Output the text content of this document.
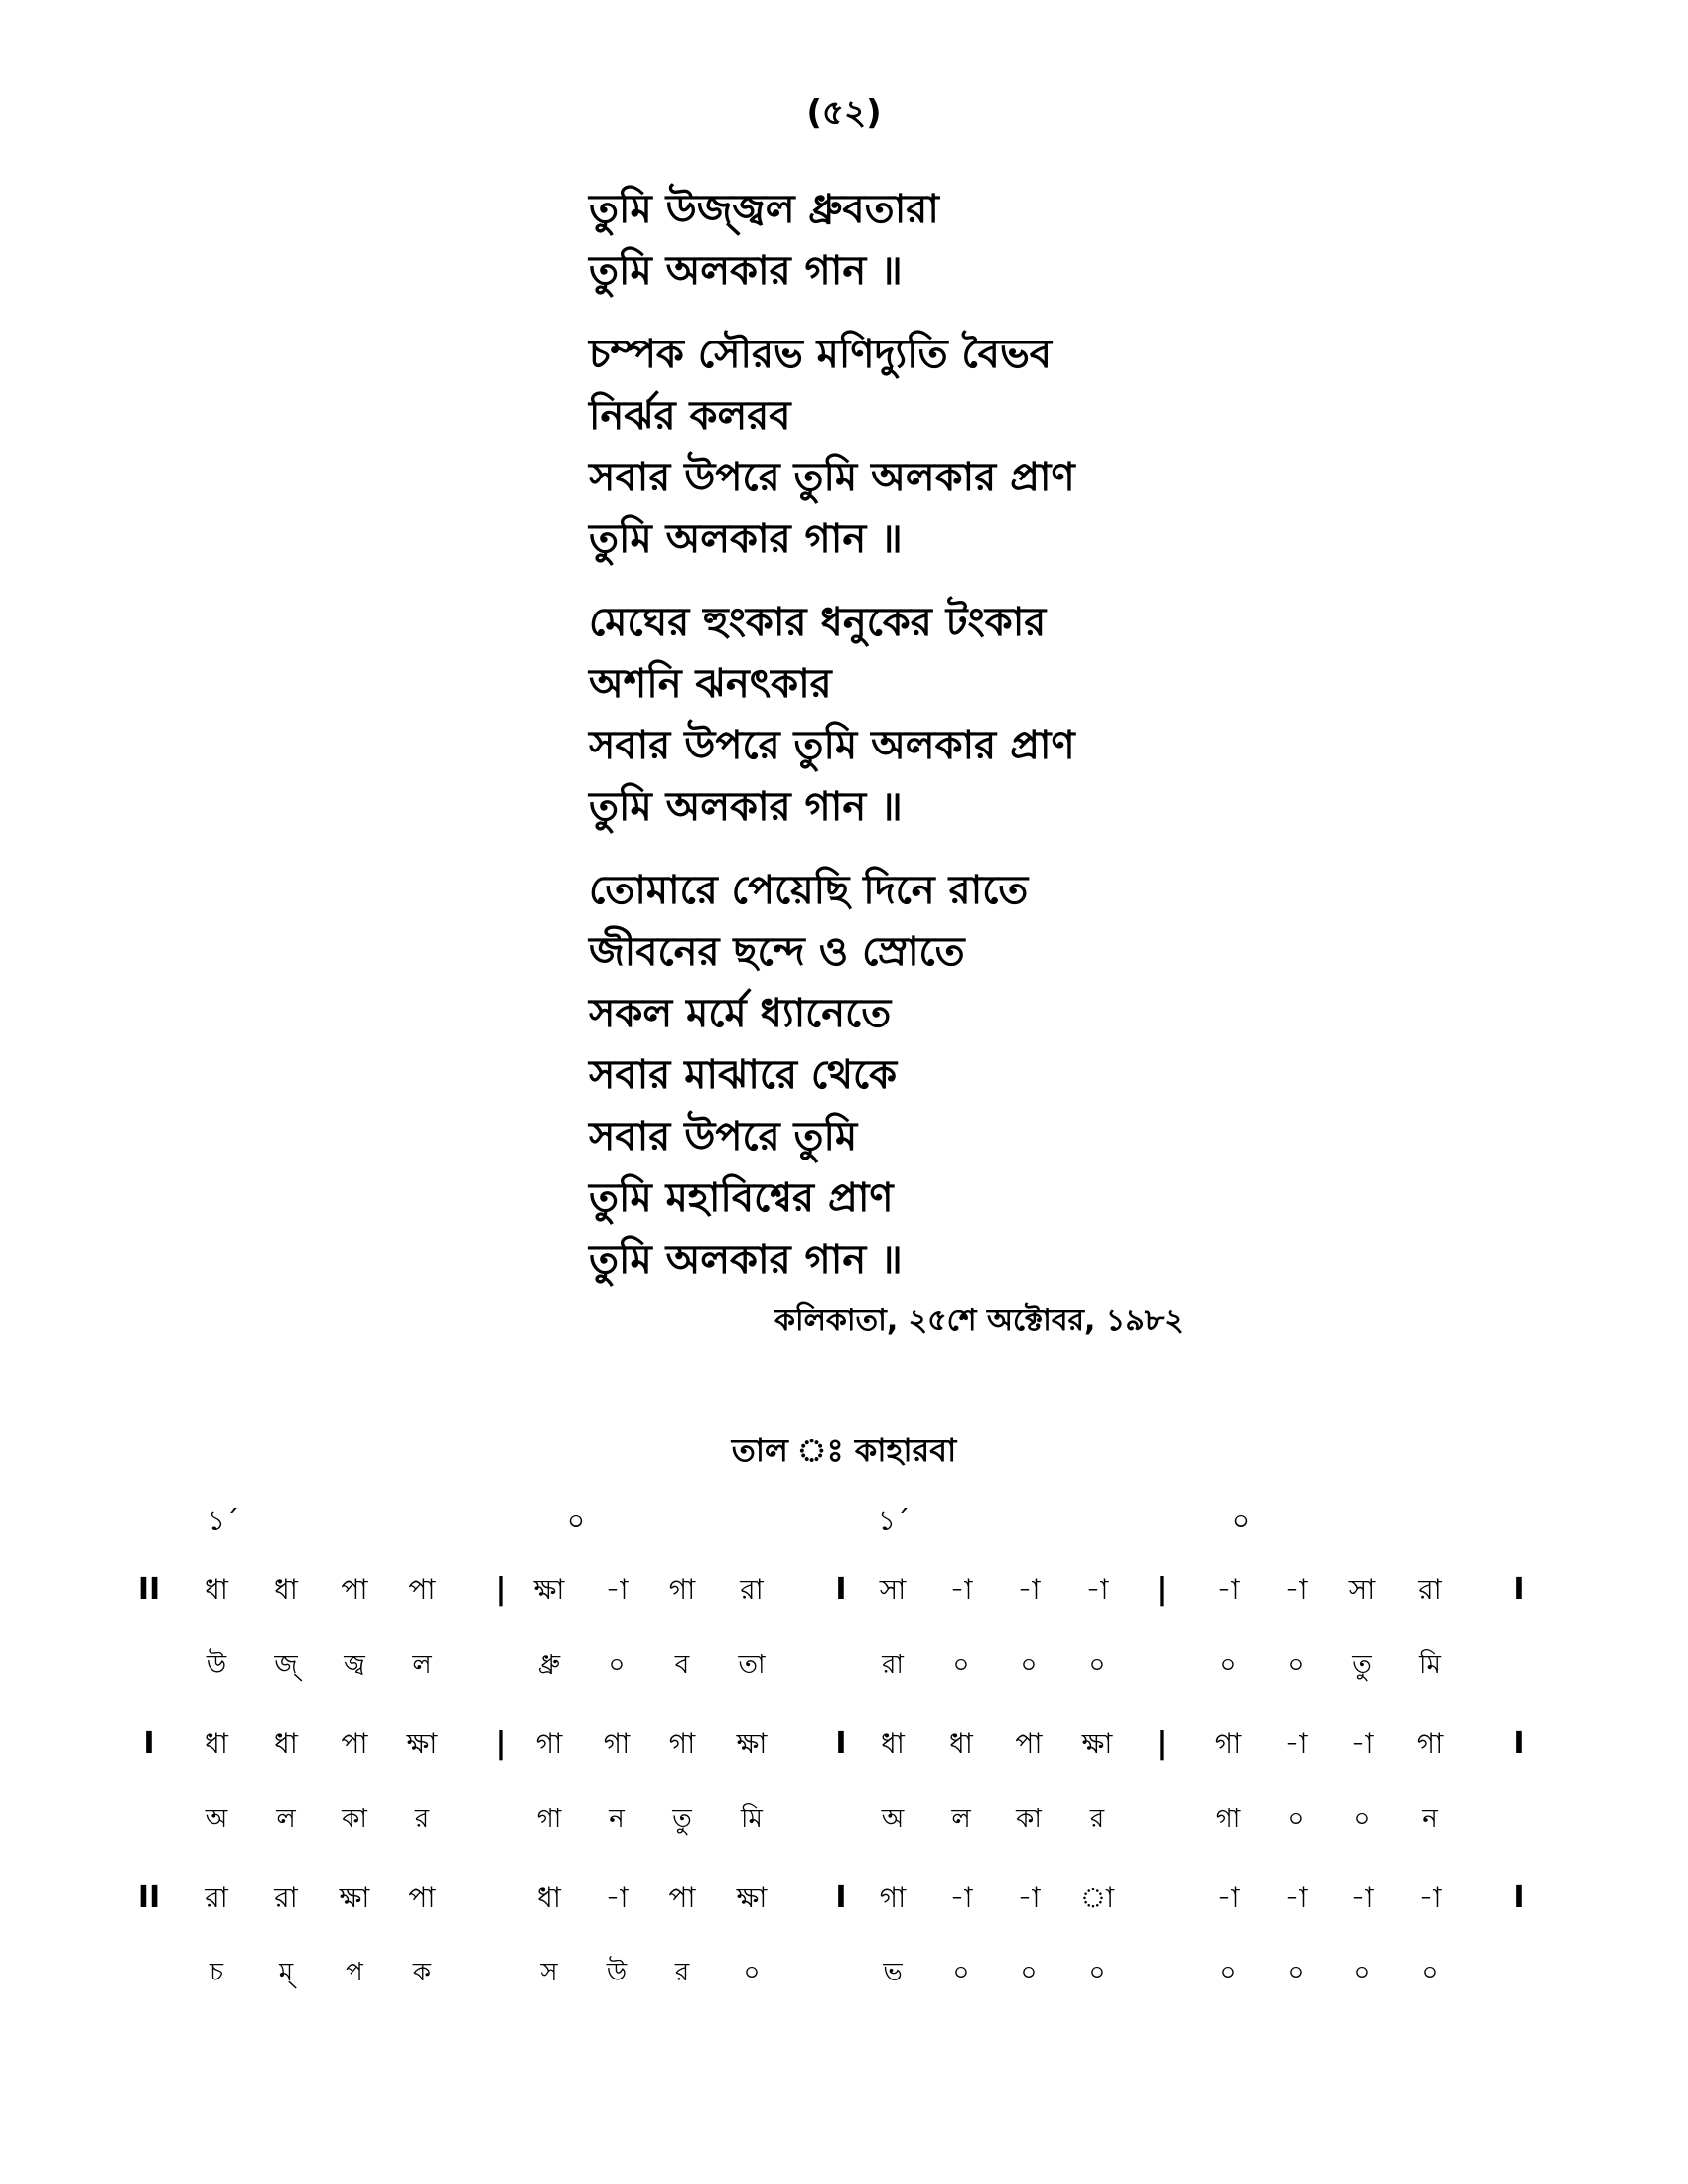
(৫২)
তুমি উজ্জ্বল ধ্রুবতারা
তুমি অলকার গান ॥
চম্পক সৌরভ মণিদ্যুতি বৈভব
নির্ঝর কলরব
সবার উপরে তুমি অলকার প্রাণ
তুমি অলকার গান ॥
মেঘের হুংকার ধনুকের টংকার
অশনি ঝনৎকার
সবার উপরে তুমি অলকার প্রাণ
তুমি অলকার গান ॥
তোমারে পেয়েছি দিনে রাতে
জীবনের ছন্দে ও স্রোতে
সকল মর্মে ধ্যানেতে
সবার মাঝারে থেকে
সবার উপরে তুমি
তুমি মহাবিশ্বের প্রাণ
তুমি অলকার গান ॥
কলিকাতা, ২৫শে অক্টোবর, ১৯৮২
তাল ঃ কাহারবা
১´	০	১´	০
II	ধা	ধা	পা	পা	| ক্ষা	-া	গা	রা	I	সা	-া	-া	-া	|	-া	-া	সা	রা	I
উ	জ্	জ্ব	ল	ধ্রু	০	ব	তা	রা	০	০	০	০	০	তু	মি
I	ধা	ধা	পা	ক্ষা	|	গা	গা	গা	ক্ষা	I	ধা	ধা	পা	ক্ষা	|	গা	-া	-া	গা	I
অ	ল	কা	র	গা	ন	তু	মি	অ	ল	কা	র	গা	০	০	ন
II	রা	রা	ক্ষা	পা	ধা	-া	পা	ক্ষা	I	গা	-া	-া	া	-া	-া	-া	-া	I
চ	ম্	প	ক	স	উ	র	০	ভ	০	০	০	০	০	০	০
